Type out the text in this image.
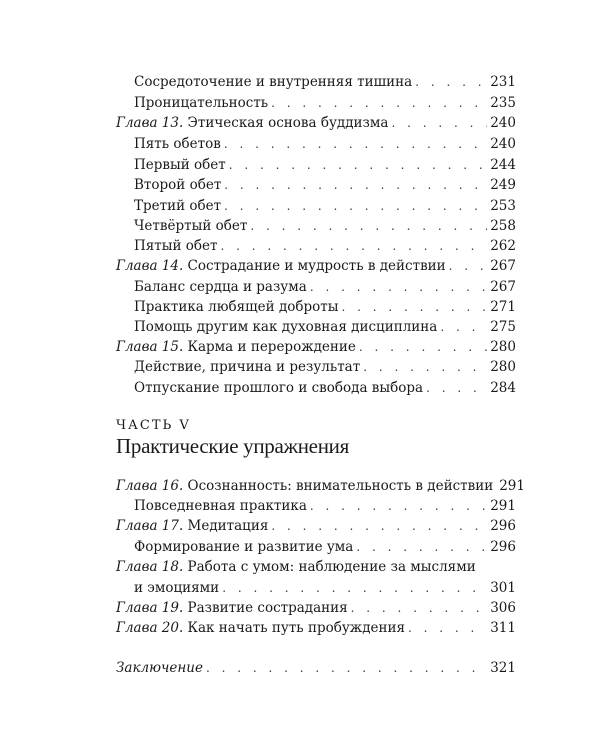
Сосредоточение и внутренняя тишина . . .	231
Проницательность . . .	235
Глава 13. Этическая основа буддизма . . .	240
Пять обетов . . .	240
Первый обет . . .	244
Второй обет . . .	249
Третий обет . . .	253
Четвёртый обет . . .	258
Пятый обет . . .	262
Глава 14. Сострадание и мудрость в действии . . .	267
Баланс сердца и разума . . .	267
Практика любящей доброты . . .	271
Помощь другим как духовная дисциплина . . .	275
Глава 15. Карма и перерождение . . .	280
Действие, причина и результат . . .	280
Отпускание прошлого и свобода выбора . . .	284
ЧАСТЬ V
Практические упражнения
Глава 16. Осознанность: внимательность в действии 291
Повседневная практика . . .	291
Глава 17. Медитация . . .	296
Формирование и развитие ума . . .	296
Глава 18. Работа с умом: наблюдение за мыслями
и эмоциями . . .	301
Глава 19. Развитие сострадания . . .	306
Глава 20. Как начать путь пробуждения . . .	311
Заключение . . .	321
